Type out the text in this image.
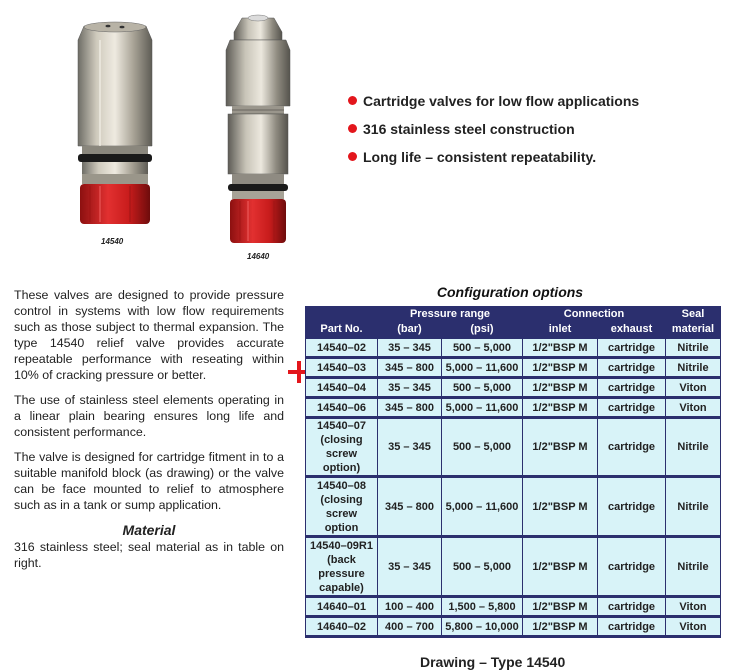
14540
14640
Cartridge valves for low flow applications
316 stainless steel construction
Long life – consistent repeatability.

These valves are designed to provide pressure control in systems with low flow requirements such as those subject to thermal expansion. The type 14540 relief valve provides accurate repeatable performance with reseating within 10% of cracking pressure or better.

The use of stainless steel elements operating in a linear plain bearing ensures long life and consistent performance.

The valve is designed for cartridge fitment in to a suitable manifold block (as drawing) or the valve can be face mounted to relief to atmosphere such as in a tank or sump application.

Material

316 stainless steel; seal material as in table on right.

Configuration options
Part No.	Pressure range		Connection		Seal
	(bar)	(psi)	inlet	exhaust	material
14540–02	35 – 345	500 – 5,000	1/2"BSP M	cartridge	Nitrile
14540–03	345 – 800	5,000 – 11,600	1/2"BSP M	cartridge	Nitrile
14540–04	35 – 345	500 – 5,000	1/2"BSP M	cartridge	Viton
14540–06	345 – 800	5,000 – 11,600	1/2"BSP M	cartridge	Viton
14540–07
(closing
screw
option)	35 – 345	500 – 5,000	1/2"BSP M	cartridge	Nitrile
14540–08
(closing
screw
option	345 – 800	5,000 – 11,600	1/2"BSP M	cartridge	Nitrile
14540–09R1
(back
pressure
capable)	35 – 345	500 – 5,000	1/2"BSP M	cartridge	Nitrile
14640–01	100 – 400	1,500 – 5,800	1/2"BSP M	cartridge	Viton
14640–02	400 – 700	5,800 – 10,000	1/2"BSP M	cartridge	Viton
Drawing – Type 14540
